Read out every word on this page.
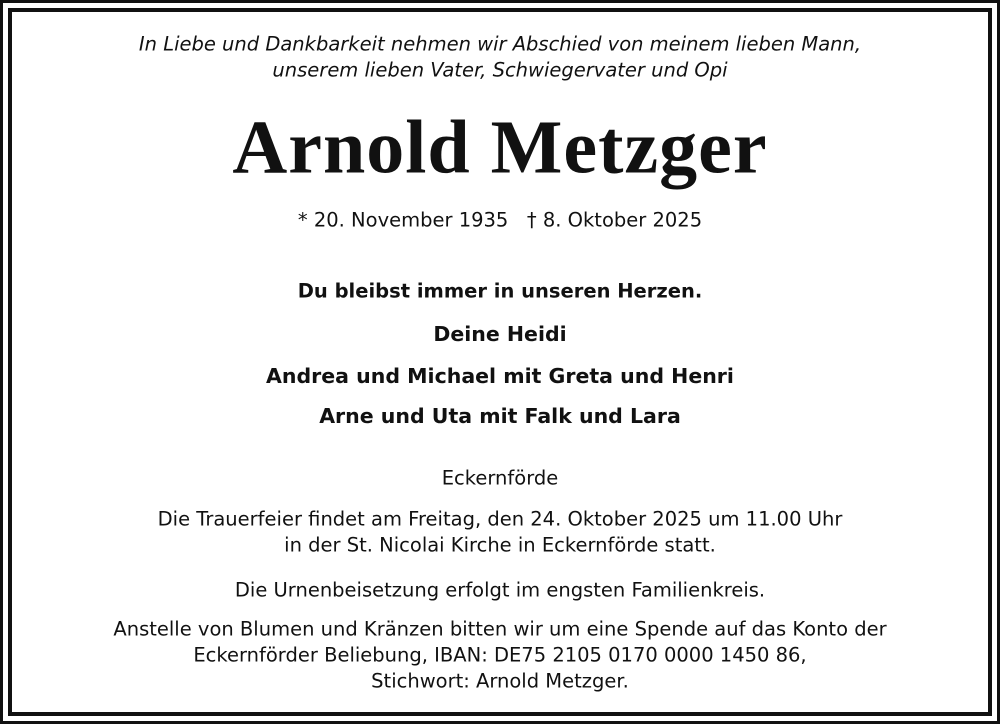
In Liebe und Dankbarkeit nehmen wir Abschied von meinem lieben Mann,
unserem lieben Vater, Schwiegervater und Opi
Arnold Metzger
* 20. November 1935   † 8. Oktober 2025
Du bleibst immer in unseren Herzen.
Deine Heidi
Andrea und Michael mit Greta und Henri
Arne und Uta mit Falk und Lara
Eckernförde
Die Trauerfeier findet am Freitag, den 24. Oktober 2025 um 11.00 Uhr
in der St. Nicolai Kirche in Eckernförde statt.
Die Urnenbeisetzung erfolgt im engsten Familienkreis.
Anstelle von Blumen und Kränzen bitten wir um eine Spende auf das Konto der
Eckernförder Beliebung, IBAN: DE75 2105 0170 0000 1450 86,
Stichwort: Arnold Metzger.
